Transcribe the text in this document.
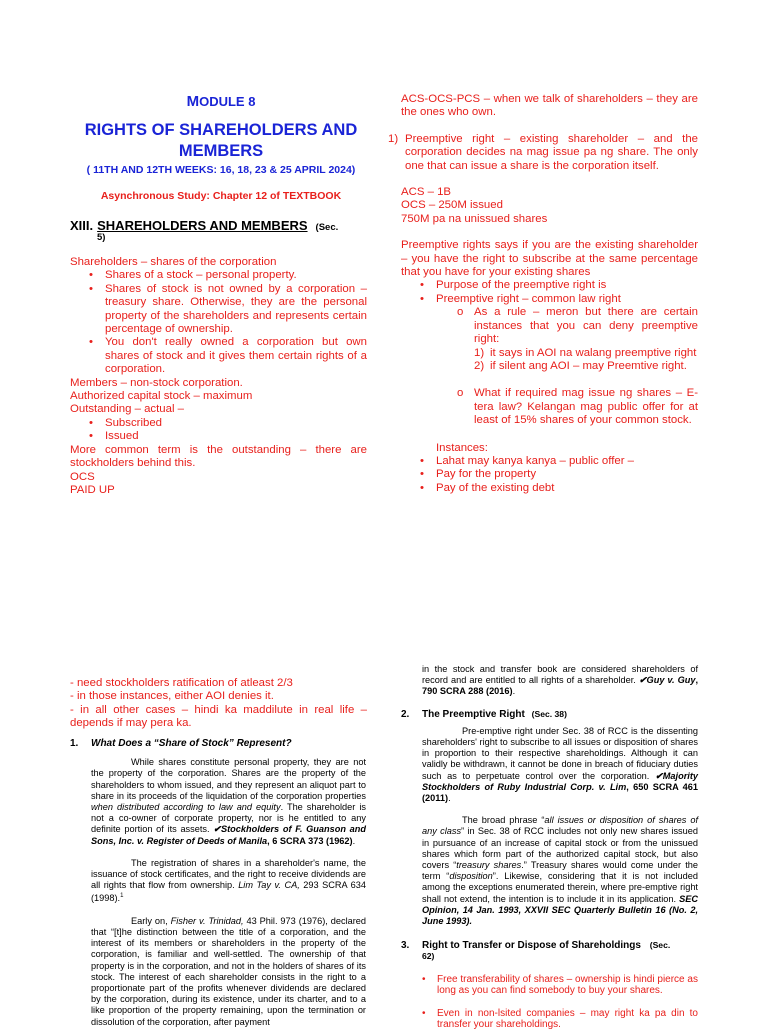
MODULE 8
RIGHTS OF SHAREHOLDERS AND MEMBERS
( 11TH AND 12TH WEEKS: 16, 18, 23 & 25 APRIL 2024)
Asynchronous Study: Chapter 12 of TEXTBOOK
XIII. SHAREHOLDERS AND MEMBERS (Sec.
5)

Shareholders – shares of the corporation

• Shares of a stock – personal property.
• Shares of stock is not owned by a corporation – treasury share. Otherwise, they are the personal property of the shareholders and represents certain percentage of ownership.
• You don't really owned a corporation but own shares of stock and it gives them certain rights of a corporation.

Members – non-stock corporation.

Authorized capital stock – maximum

Outstanding – actual –

• Subscribed
• Issued

More common term is the outstanding – there are stockholders behind this.

OCS

PAID UP

ACS-OCS-PCS – when we talk of shareholders – they are the ones who own.

1) Preemptive right – existing shareholder – and the corporation decides na mag issue pa ng share. The only one that can issue a share is the corporation itself.

ACS – 1B

OCS – 250M issued

750M pa na unissued shares

Preemptive rights says if you are the existing shareholder – you have the right to subscribe at the same percentage that you have for your existing shares

• Purpose of the preemptive right is
• Preemptive right – common law right

o As a rule – meron but there are certain instances that you can deny preemptive right:

1) it says in AOI na walang preemptive right

2) if silent ang AOI – may Preemtive right.

o What if required mag issue ng shares – E-tera law? Kelangan mag public offer for at least of 15% shares of your common stock.

Instances:

• Lahat may kanya kanya – public offer –
• Pay for the property
• Pay of the existing debt

- need stockholders ratification of atleast 2/3

- in those instances, either AOI denies it.

- in all other cases – hindi ka maddilute in real life – depends if may pera ka.

1. What Does a “Share of Stock” Represent?

While shares constitute personal property, they are not the property of the corporation. Shares are the property of the shareholders to whom issued, and they represent an aliquot part to share in its proceeds of the liquidation of the corporation properties when distributed according to law and equity. The shareholder is not a co-owner of corporate property, nor is he entitled to any definite portion of its assets. ✔Stockholders of F. Guanson and Sons, Inc. v. Register of Deeds of Manila, 6 SCRA 373 (1962).

The registration of shares in a shareholder's name, the issuance of stock certificates, and the right to receive dividends are all rights that flow from ownership. Lim Tay v. CA, 293 SCRA 634 (1998).$^1$

Early on, Fisher v. Trinidad, 43 Phil. 973 (1976), declared that “[t]he distinction between the title of a corporation, and the interest of its members or shareholders in the property of the corporation, is familiar and well-settled. The ownership of that property is in the corporation, and not in the holders of shares of its stock. The interest of each shareholder consists in the right to a proportionate part of the profits whenever dividends are declared by the corporation, during its existence, under its charter, and to a like proportion of the property remaining, upon the termination or dissolution of the corporation, after payment

in the stock and transfer book are considered shareholders of record and are entitled to all rights of a shareholder. ✔Guy v. Guy, 790 SCRA 288 (2016).

2. The Preemptive Right (Sec. 38)

Pre-emptive right under Sec. 38 of RCC is the dissenting shareholders' right to subscribe to all issues or disposition of shares in proportion to their respective shareholdings. Although it can validly be withdrawn, it cannot be done in breach of fiduciary duties such as to perpetuate control over the corporation. ✔Majority Stockholders of Ruby Industrial Corp. v. Lim, 650 SCRA 461 (2011).

The broad phrase “all issues or disposition of shares of any class” in Sec. 38 of RCC includes not only new shares issued in pursuance of an increase of capital stock or from the unissued shares which form part of the authorized capital stock, but also covers “treasury shares.” Treasury shares would come under the term “disposition”. Likewise, considering that it is not included among the exceptions enumerated therein, where pre-emptive right shall not extend, the intention is to include it in its application. SEC Opinion, 14 Jan. 1993, XXVII SEC Quarterly Bulletin 16 (No. 2, June 1993).

3. Right to Transfer or Dispose of Shareholdings (Sec.
62)

• Free transferability of shares – ownership is hindi pierce as long as you can find somebody to buy your shares.
• Even in non-lsited companies – may right ka pa din to transfer your shareholdings.
